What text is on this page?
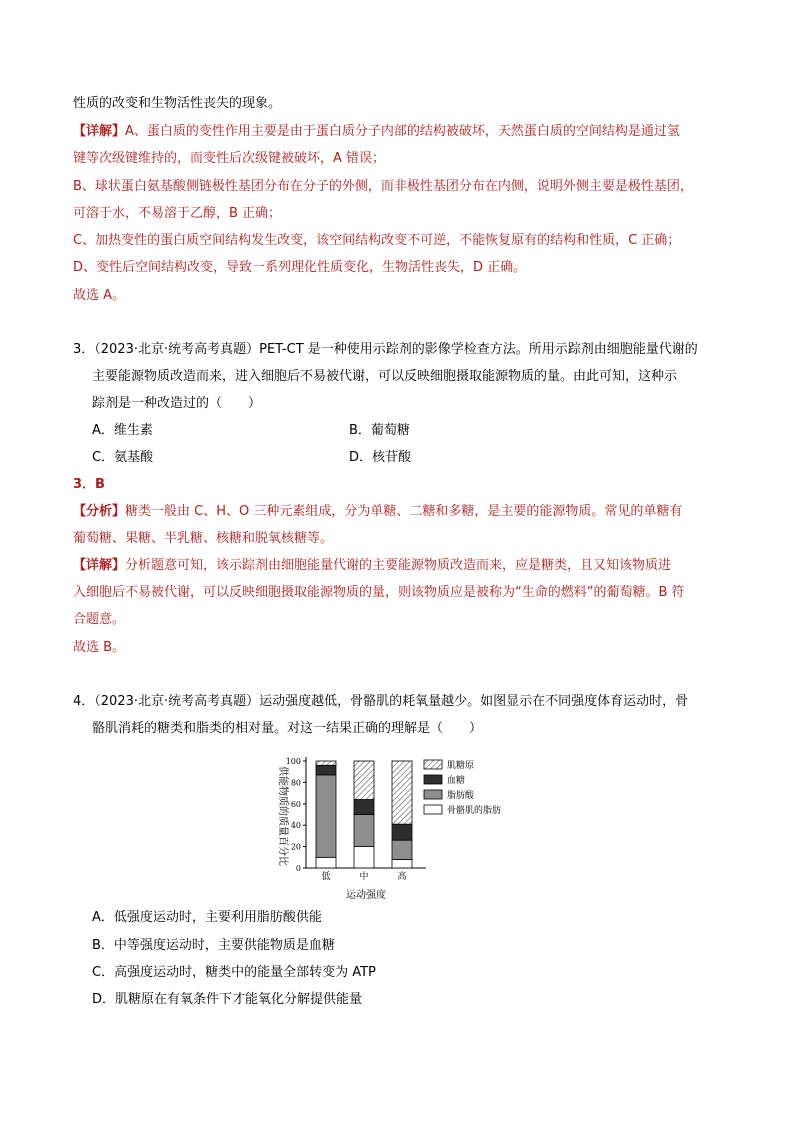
性质的改变和生物活性丧失的现象。
【详解】A、蛋白质的变性作用主要是由于蛋白质分子内部的结构被破坏，天然蛋白质的空间结构是通过氢
键等次级键维持的，而变性后次级键被破坏，A 错误；
B、球状蛋白氨基酸侧链极性基团分布在分子的外侧，而非极性基团分布在内侧，说明外侧主要是极性基团，
可溶于水，不易溶于乙醇，B 正确；
C、加热变性的蛋白质空间结构发生改变，该空间结构改变不可逆，不能恢复原有的结构和性质，C 正确；
D、变性后空间结构改变，导致一系列理化性质变化，生物活性丧失，D 正确。
故选 A。
3．（2023·北京·统考高考真题）PET-CT 是一种使用示踪剂的影像学检查方法。所用示踪剂由细胞能量代谢的
主要能源物质改造而来，进入细胞后不易被代谢，可以反映细胞摄取能源物质的量。由此可知，这种示
踪剂是一种改造过的（　　）
A．维生素	B．葡萄糖
C．氨基酸	D．核苷酸
3．B
【分析】糖类一般由 C、H、O 三种元素组成，分为单糖、二糖和多糖，是主要的能源物质。常见的单糖有
葡萄糖、果糖、半乳糖、核糖和脱氧核糖等。
【详解】分析题意可知，该示踪剂由细胞能量代谢的主要能源物质改造而来，应是糖类，且又知该物质进
入细胞后不易被代谢，可以反映细胞摄取能源物质的量，则该物质应是被称为“生命的燃料”的葡萄糖。B 符
合题意。
故选 B。
4．（2023·北京·统考高考真题）运动强度越低，骨骼肌的耗氧量越少。如图显示在不同强度体育运动时，骨
骼肌消耗的糖类和脂类的相对量。对这一结果正确的理解是（　　）
0
20
40
60
80
100
低	中	高
供能物质的质量百分比
运动强度
肌糖原
血糖
脂肪酸
骨骼肌的脂肪
A．低强度运动时，主要利用脂肪酸供能
B．中等强度运动时，主要供能物质是血糖
C．高强度运动时，糖类中的能量全部转变为 ATP
D．肌糖原在有氧条件下才能氧化分解提供能量
